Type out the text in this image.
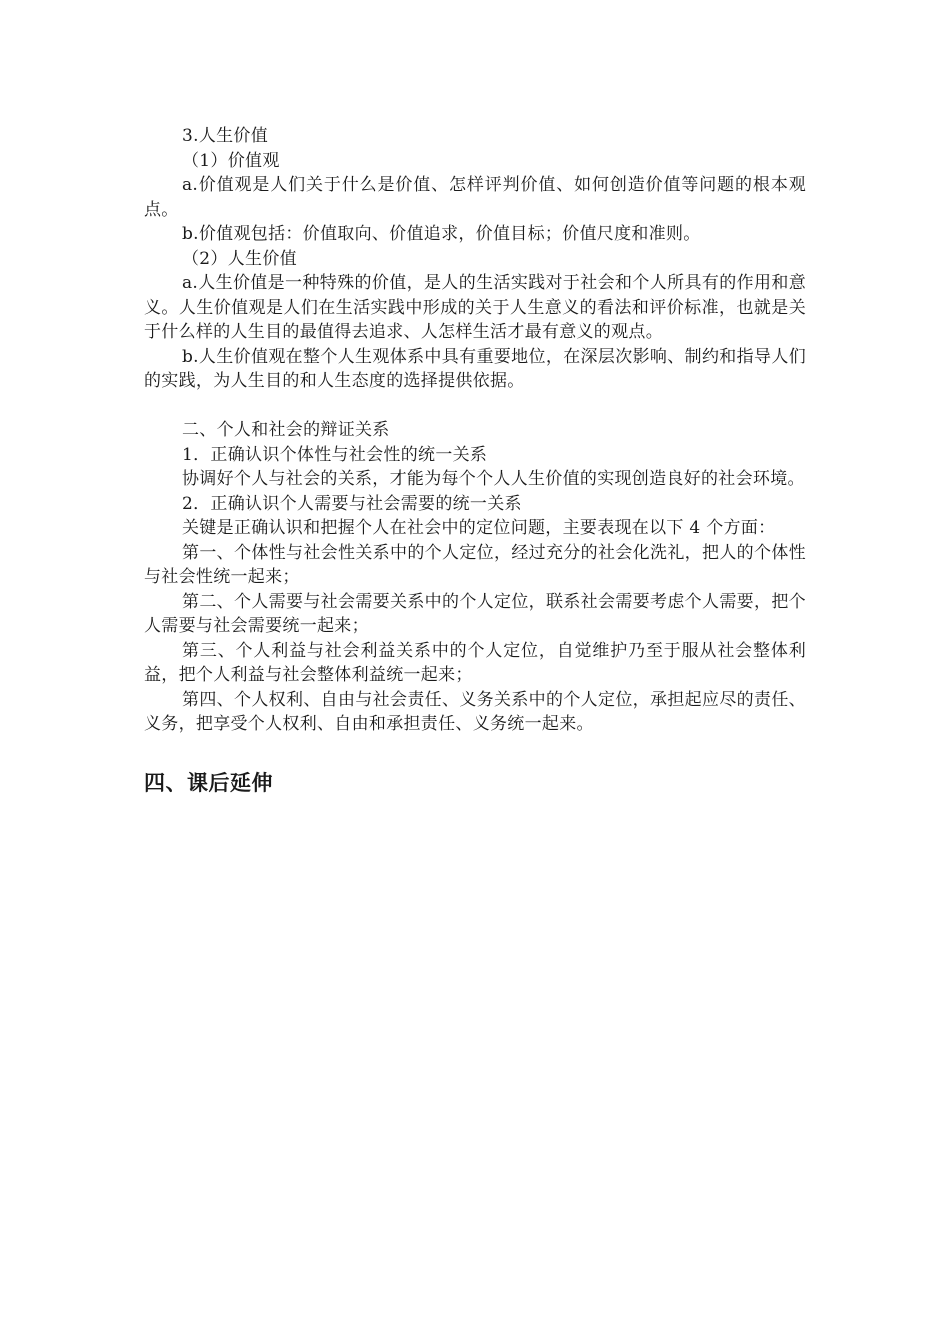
3.人生价值

（1）价值观

a.价值观是人们关于什么是价值、怎样评判价值、如何创造价值等问题的根本观点。

b.价值观包括：价值取向、价值追求，价值目标；价值尺度和准则。

（2）人生价值

a.人生价值是一种特殊的价值，是人的生活实践对于社会和个人所具有的作用和意义。人生价值观是人们在生活实践中形成的关于人生意义的看法和评价标准，也就是关于什么样的人生目的最值得去追求、人怎样生活才最有意义的观点。

b.人生价值观在整个人生观体系中具有重要地位，在深层次影响、制约和指导人们的实践，为人生目的和人生态度的选择提供依据。

二、个人和社会的辩证关系

1．正确认识个体性与社会性的统一关系

协调好个人与社会的关系，才能为每个个人人生价值的实现创造良好的社会环境。

2．正确认识个人需要与社会需要的统一关系

关键是正确认识和把握个人在社会中的定位问题，主要表现在以下 4 个方面：

第一、个体性与社会性关系中的个人定位，经过充分的社会化洗礼，把人的个体性与社会性统一起来；

第二、个人需要与社会需要关系中的个人定位，联系社会需要考虑个人需要，把个人需要与社会需要统一起来；

第三、个人利益与社会利益关系中的个人定位，自觉维护乃至于服从社会整体利益，把个人利益与社会整体利益统一起来；

第四、个人权利、自由与社会责任、义务关系中的个人定位，承担起应尽的责任、义务，把享受个人权利、自由和承担责任、义务统一起来。

四、课后延伸
